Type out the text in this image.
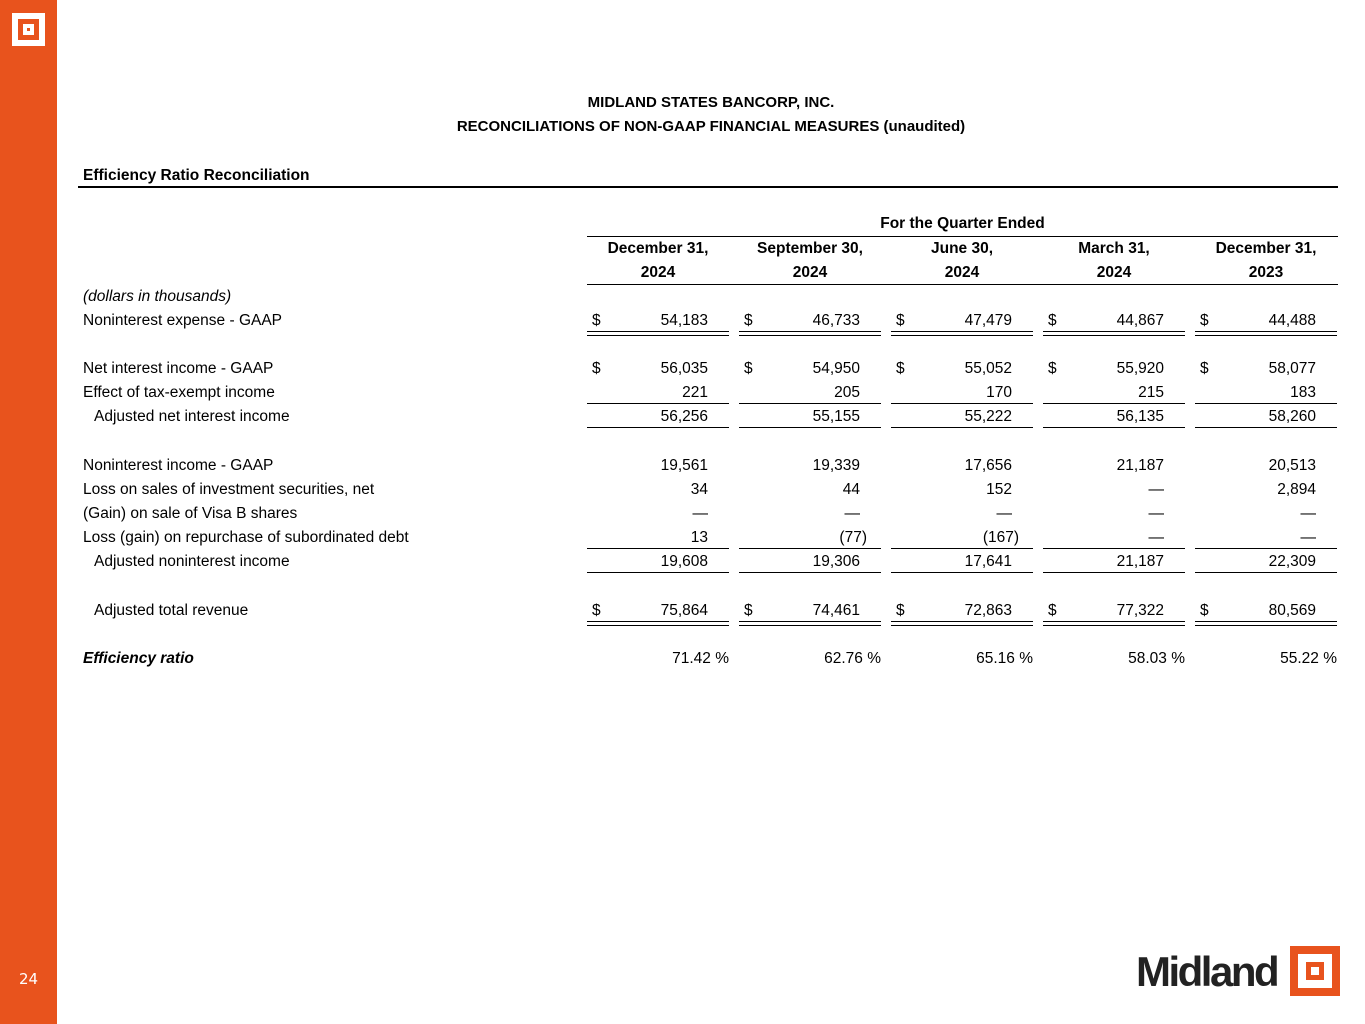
24
MIDLAND STATES BANCORP, INC.
RECONCILIATIONS OF NON-GAAP FINANCIAL MEASURES (unaudited)
Efficiency Ratio Reconciliation
For the Quarter Ended
December 31,
2024
September 30,
2024
June 30,
2024
March 31,
2024
December 31,
2023
(dollars in thousands)
Noninterest expense - GAAP	$	54,183 $	46,733 $	47,479 $	44,867 $	44,488
Net interest income - GAAP	$	56,035 $	54,950 $	55,052 $	55,920 $	58,077
Effect of tax-exempt income	221	205	170	215	183
Adjusted net interest income	56,256	55,155	55,222	56,135	58,260
Noninterest income - GAAP	19,561	19,339	17,656	21,187	20,513
Loss on sales of investment securities, net	34	44	152	—	2,894
(Gain) on sale of Visa B shares	—	—	—	—	—
Loss (gain) on repurchase of subordinated debt	13	(77)	(167)	—	—
Adjusted noninterest income	19,608	19,306	17,641	21,187	22,309
Adjusted total revenue	$	75,864 $	74,461 $	72,863 $	77,322 $	80,569
Efficiency ratio	71.42 %	62.76 %	65.16 %	58.03 %	55.22 %
Midland
